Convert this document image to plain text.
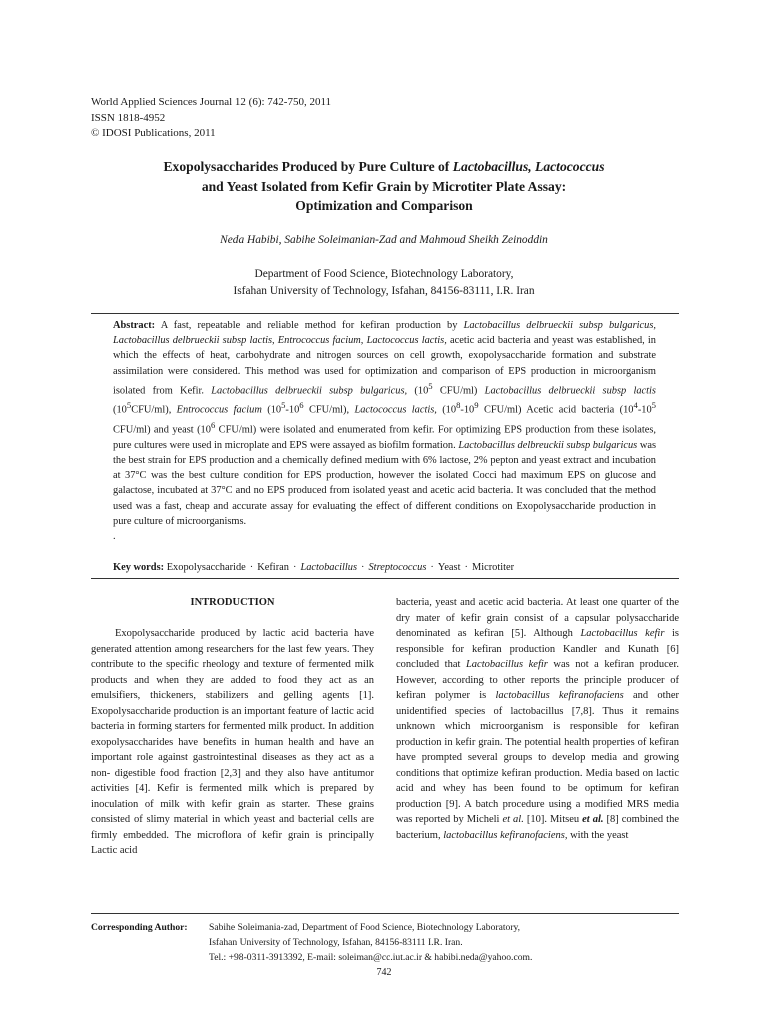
World Applied Sciences Journal 12 (6): 742-750, 2011
ISSN 1818-4952
© IDOSI Publications, 2011
Exopolysaccharides Produced by Pure Culture of Lactobacillus, Lactococcus
and Yeast Isolated from Kefir Grain by Microtiter Plate Assay:
Optimization and Comparison
Neda Habibi, Sabihe Soleimanian-Zad and Mahmoud Sheikh Zeinoddin
Department of Food Science, Biotechnology Laboratory,
Isfahan University of Technology, Isfahan, 84156-83111, I.R. Iran
Abstract: A fast, repeatable and reliable method for kefiran production by Lactobacillus delbrueckii subsp bulgaricus, Lactobacillus delbrueckii subsp lactis, Entrococcus facium, Lactococcus lactis, acetic acid bacteria and yeast was established, in which the effects of heat, carbohydrate and nitrogen sources on cell growth, exopolysaccharide formation and substrate assimilation were considered. This method was used for optimization and comparison of EPS production in microorganism isolated from Kefir. Lactobacillus delbrueckii subsp bulgaricus, ($10^5$ CFU/ml) Lactobacillus delbrueckii subsp lactis $(10^5CFU/ml)$, Entrococcus facium ($10^5-10^6$ CFU/ml), Lactococcus lactis, ($10^8-10^9$ CFU/ml) Acetic acid bacteria ($10^4-10^5$ CFU/ml) and yeast ($10^6$ CFU/ml) were isolated and enumerated from kefir. For optimizing EPS production from these isolates, pure cultures were used in microplate and EPS were assayed as biofilm formation. Lactobacillus delbreuckii subsp bulgaricus was the best strain for EPS production and a chemically defined medium with 6% lactose, 2% pepton and yeast extract and incubation at 37°C was the best culture condition for EPS production, however the isolated Cocci had maximum EPS on glucose and galactose, incubated at 37°C and no EPS produced from isolated yeast and acetic acid bacteria. It was concluded that the method used was a fast, cheap and accurate assay for evaluating the effect of different conditions on Exopolysaccharide production in pure culture of microorganisms.
.
Key words: Exopolysaccharide · Kefiran · Lactobacillus · Streptococcus · Yeast · Microtiter
INTRODUCTION

Exopolysaccharide produced by lactic acid bacteria have generated attention among researchers for the last few years. They contribute to the specific rheology and texture of fermented milk products and when they are added to food they act as an emulsifiers, thickeners, stabilizers and gelling agents [1]. Exopolysaccharide production is an important feature of lactic acid bacteria in forming starters for fermented milk product. In addition exopolysaccharides have benefits in human health and have an important role against gastrointestinal diseases as they act as a non- digestible food fraction [2,3] and they also have antitumor activities [4]. Kefir is fermented milk which is prepared by inoculation of milk with kefir grain as starter. These grains consisted of slimy material in which yeast and bacterial cells are firmly embedded. The microflora of kefir grain is principally Lactic acid

bacteria, yeast and acetic acid bacteria. At least one quarter of the dry mater of kefir grain consist of a capsular polysaccharide denominated as kefiran [5]. Although Lactobacillus kefir is responsible for kefiran production Kandler and Kunath [6] concluded that Lactobacillus kefir was not a kefiran producer. However, according to other reports the principle producer of kefiran polymer is lactobacillus kefiranofaciens and other unidentified species of lactobacillus [7,8]. Thus it remains unknown which microorganism is responsible for kefiran production in kefir grain. The potential health properties of kefiran have prompted several groups to develop media and growing conditions that optimize kefiran production. Media based on lactic acid and whey has been found to be optimum for kefiran production [9]. A batch procedure using a modified MRS media was reported by Micheli et al. [10]. Mitseu et al. [8] combined the bacterium, lactobacillus kefiranofaciens, with the yeast

Corresponding Author:	Sabihe Soleimania-zad, Department of Food Science, Biotechnology Laboratory,
Isfahan University of Technology, Isfahan, 84156-83111 I.R. Iran.
Tel.: +98-0311-3913392, E-mail: soleiman@cc.iut.ac.ir & habibi.neda@yahoo.com.
742
